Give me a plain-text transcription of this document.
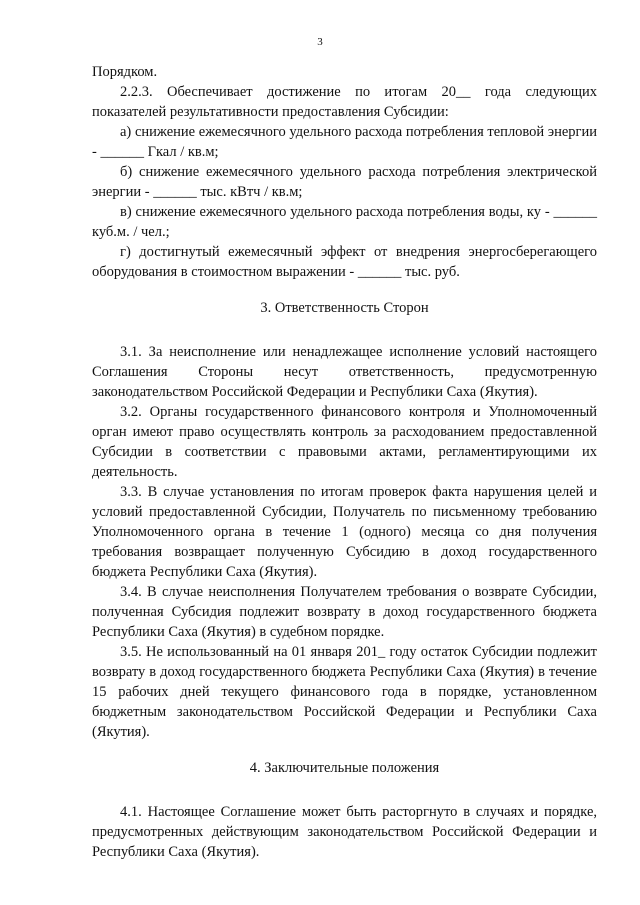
3

Порядком.

2.2.3. Обеспечивает достижение по итогам 20__ года следующих показателей результативности предоставления Субсидии:

а) снижение ежемесячного удельного расхода потребления тепловой энергии - ______ Гкал / кв.м;

б) снижение ежемесячного удельного расхода потребления электрической энергии - ______ тыс. кВтч / кв.м;

в) снижение ежемесячного удельного расхода потребления воды, ку - ______ куб.м. / чел.;

г) достигнутый ежемесячный эффект от внедрения энергосберегающего оборудования в стоимостном выражении - ______ тыс. руб.

3. Ответственность Сторон

3.1. За неисполнение или ненадлежащее исполнение условий настоящего Соглашения Стороны несут ответственность, предусмотренную законодательством Российской Федерации и Республики Саха (Якутия).

3.2. Органы государственного финансового контроля и Уполномоченный орган имеют право осуществлять контроль за расходованием предоставленной Субсидии в соответствии с правовыми актами, регламентирующими их деятельность.

3.3. В случае установления по итогам проверок факта нарушения целей и условий предоставленной Субсидии, Получатель по письменному требованию Уполномоченного органа в течение 1 (одного) месяца со дня получения требования возвращает полученную Субсидию в доход государственного бюджета Республики Саха (Якутия).

3.4. В случае неисполнения Получателем требования о возврате Субсидии, полученная Субсидия подлежит возврату в доход государственного бюджета Республики Саха (Якутия) в судебном порядке.

3.5. Не использованный на 01 января 201_ году остаток Субсидии подлежит возврату в доход государственного бюджета Республики Саха (Якутия) в течение 15 рабочих дней текущего финансового года в порядке, установленном бюджетным законодательством Российской Федерации и Республики Саха (Якутия).

4. Заключительные положения

4.1. Настоящее Соглашение может быть расторгнуто в случаях и порядке, предусмотренных действующим законодательством Российской Федерации и Республики Саха (Якутия).
